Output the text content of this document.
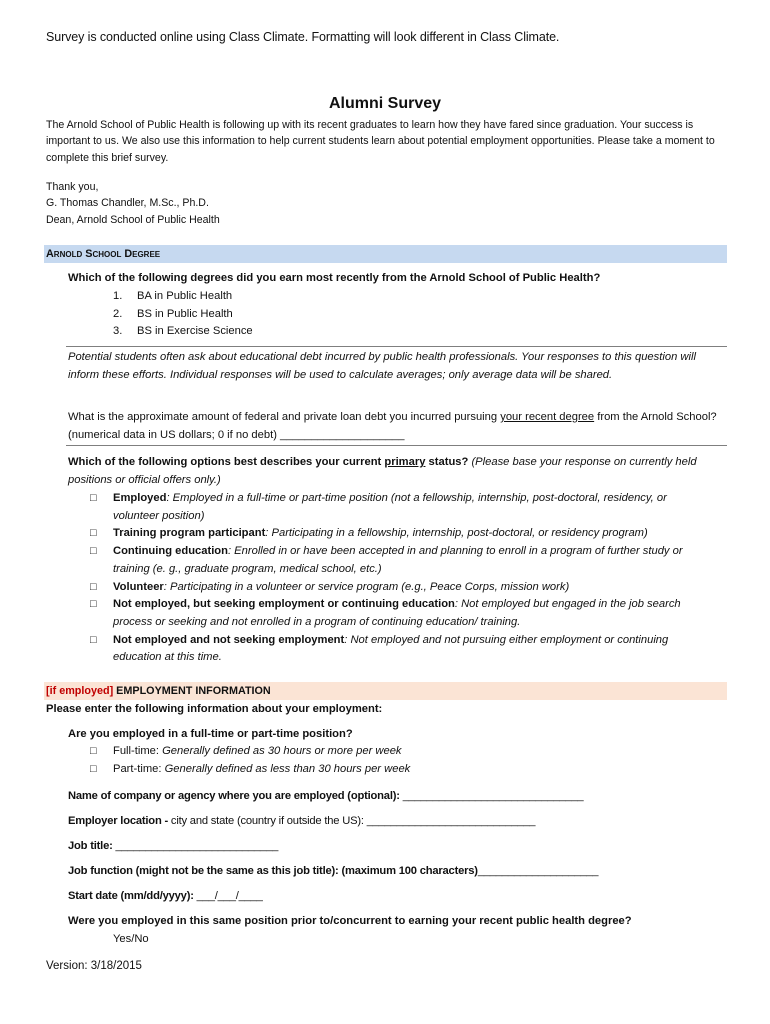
Survey is conducted online using Class Climate. Formatting will look different in Class Climate.
Alumni Survey
The Arnold School of Public Health is following up with its recent graduates to learn how they have fared since graduation. Your success is important to us. We also use this information to help current students learn about potential employment opportunities. Please take a moment to complete this brief survey.
Thank you,
G. Thomas Chandler, M.Sc., Ph.D.
Dean, Arnold School of Public Health
Arnold School Degree
Which of the following degrees did you earn most recently from the Arnold School of Public Health?
1.	BA in Public Health
2.	BS in Public Health
3.	BS in Exercise Science
Potential students often ask about educational debt incurred by public health professionals. Your responses to this question will inform these efforts. Individual responses will be used to calculate averages; only average data will be shared.
What is the approximate amount of federal and private loan debt you incurred pursuing your recent degree from the Arnold School? (numerical data in US dollars; 0 if no debt) ____________________
Which of the following options best describes your current primary status? (Please base your response on currently held positions or official offers only.)
□	Employed: Employed in a full-time or part-time position (not a fellowship, internship, post-doctoral, residency, or volunteer position)
□	Training program participant: Participating in a fellowship, internship, post-doctoral, or residency program)
□	Continuing education: Enrolled in or have been accepted in and planning to enroll in a program of further study or training (e. g., graduate program, medical school, etc.)
□	Volunteer: Participating in a volunteer or service program (e.g., Peace Corps, mission work)
□	Not employed, but seeking employment or continuing education: Not employed but engaged in the job search process or seeking and not enrolled in a program of continuing education/ training.
□	Not employed and not seeking employment: Not employed and not pursuing either employment or continuing education at this time.
[if employed] EMPLOYMENT INFORMATION
Please enter the following information about your employment:
Are you employed in a full-time or part-time position?
□	Full-time: Generally defined as 30 hours or more per week
□	Part-time: Generally defined as less than 30 hours per week
Name of company or agency where you are employed (optional): ______________________________
Employer location - city and state (country if outside the US): ____________________________
Job title: ___________________________
Job function (might not be the same as this job title): (maximum 100 characters)____________________
Start date (mm/dd/yyyy): ___/___/____
Were you employed in this same position prior to/concurrent to earning your recent public health degree?
Yes/No
Version: 3/18/2015
